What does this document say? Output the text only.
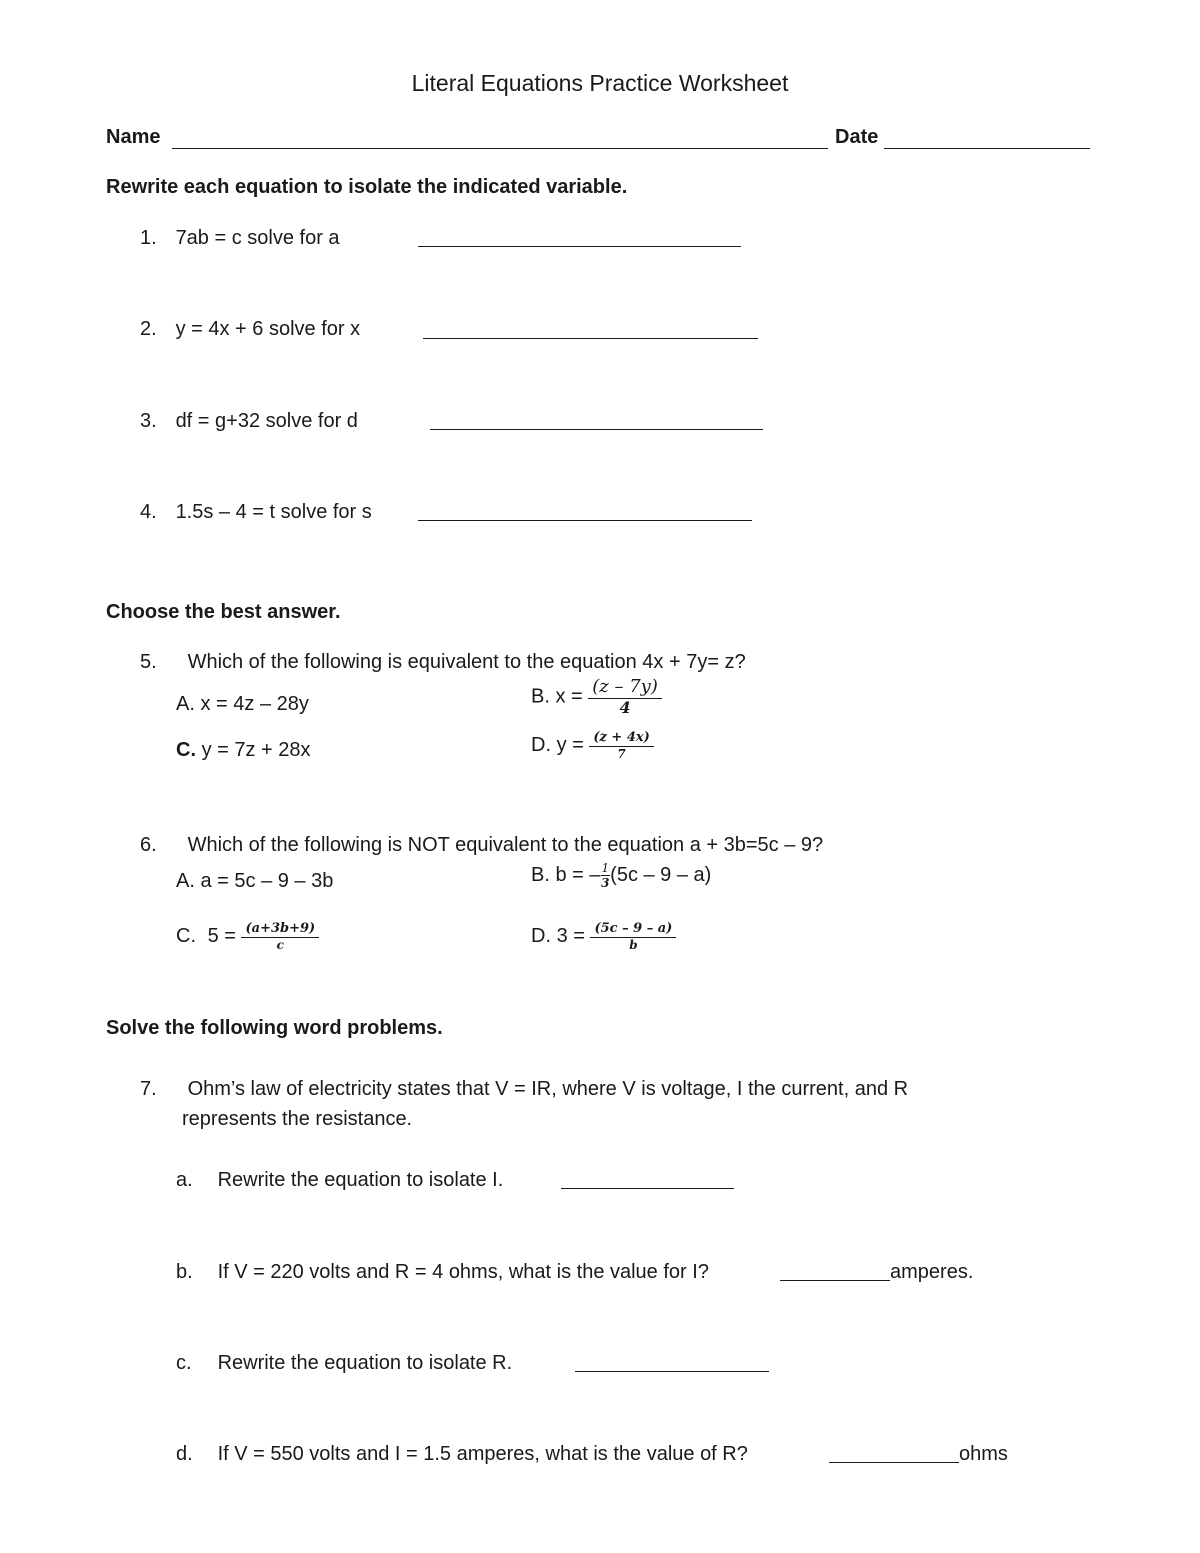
Literal Equations Practice Worksheet
Name	Date
Rewrite each equation to isolate the indicated variable.
1. 7ab = c solve for a
2. y = 4x + 6 solve for x
3. df = g+32 solve for d
4. 1.5s – 4 = t solve for s
Choose the best answer.
5. Which of the following is equivalent to the equation 4x + 7y= z?
A. x = 4z – 28y	B. $x = \frac{(z - 7y)}{4}$
C. y = 7z + 28x	D. $y = \frac{(z + 4x)}{7}$
6. Which of the following is NOT equivalent to the equation a + 3b=5c – 9?
A. a = 5c – 9 – 3b	B. b = – $\frac{1}{3} (5c - 9 - a)$
C. $5 = \frac{(a+3b+9)}{c}$	D. $3 = \frac{(5c - 9 - a)}{b}$
Solve the following word problems.
7. Ohm’s law of electricity states that V = IR, where V is voltage, I the current, and R
represents the resistance.
a. Rewrite the equation to isolate I.
b. If V = 220 volts and R = 4 ohms, what is the value for I?	amperes.
c. Rewrite the equation to isolate R.
d. If V = 550 volts and I = 1.5 amperes, what is the value of R?	ohms
